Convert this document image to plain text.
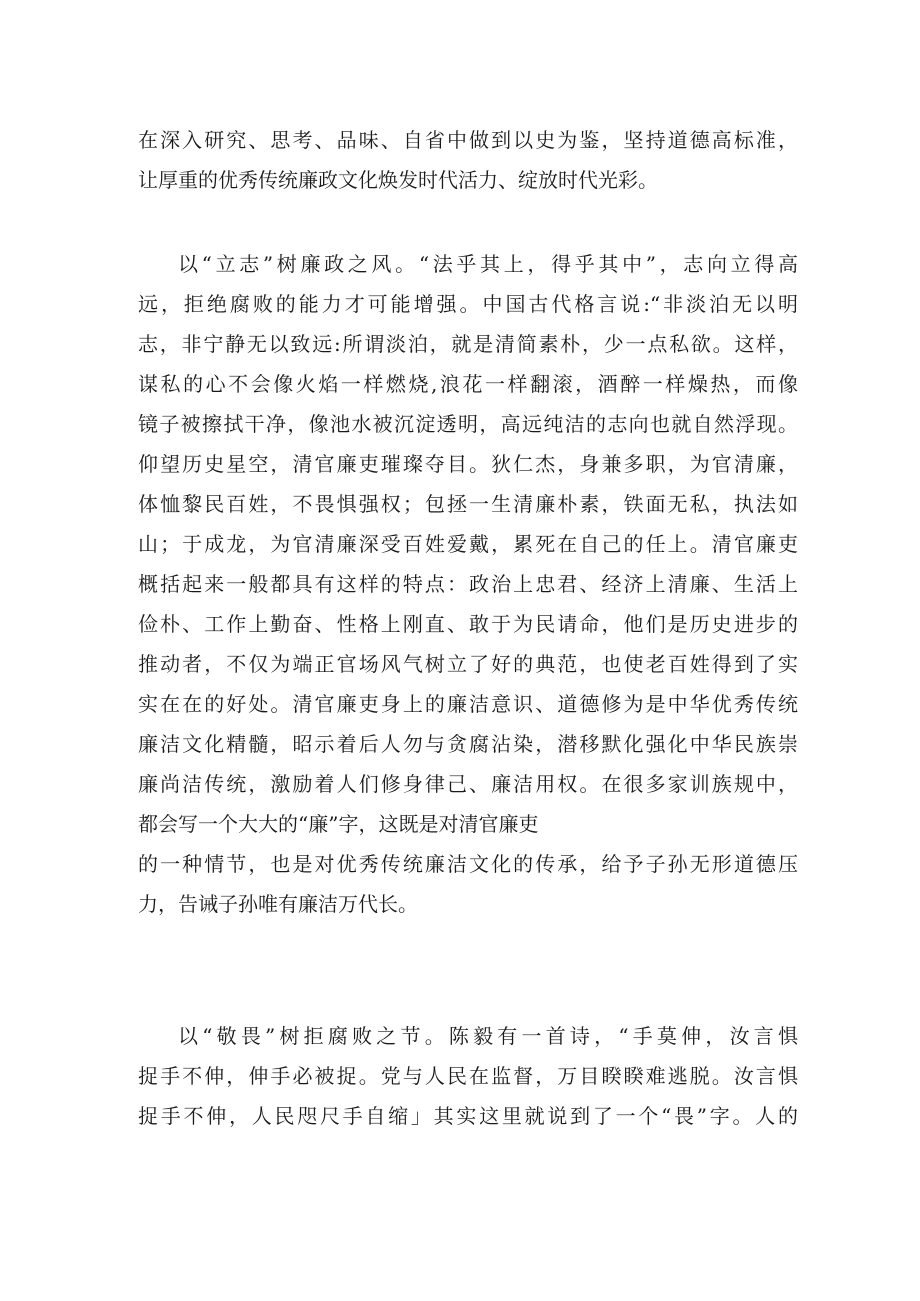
在深入研究、思考、品味、自省中做到以史为鉴，坚持道德高标准，
让厚重的优秀传统廉政文化焕发时代活力、绽放时代光彩。
以“立志”树廉政之风。“法乎其上，得乎其中”，志向立得高
远，拒绝腐败的能力才可能增强。中国古代格言说:“非淡泊无以明
志，非宁静无以致远:所谓淡泊，就是清简素朴，少一点私欲。这样，
谋私的心不会像火焰一样燃烧,浪花一样翻滚，酒醉一样燥热，而像
镜子被擦拭干净，像池水被沉淀透明，高远纯洁的志向也就自然浮现。
仰望历史星空，清官廉吏璀璨夺目。狄仁杰，身兼多职，为官清廉，
体恤黎民百姓，不畏惧强权；包拯一生清廉朴素，铁面无私，执法如
山；于成龙，为官清廉深受百姓爱戴，累死在自己的任上。清官廉吏
概括起来一般都具有这样的特点：政治上忠君、经济上清廉、生活上
俭朴、工作上勤奋、性格上刚直、敢于为民请命，他们是历史进步的
推动者，不仅为端正官场风气树立了好的典范，也使老百姓得到了实
实在在的好处。清官廉吏身上的廉洁意识、道德修为是中华优秀传统
廉洁文化精髓，昭示着后人勿与贪腐沾染，潜移默化强化中华民族崇
廉尚洁传统，激励着人们修身律己、廉洁用权。在很多家训族规中，
都会写一个大大的“廉”字，这既是对清官廉吏
的一种情节，也是对优秀传统廉洁文化的传承，给予子孙无形道德压
力，告诫子孙唯有廉洁万代长。
以“敬畏”树拒腐败之节。陈毅有一首诗，“手莫伸，汝言惧
捉手不伸，伸手必被捉。党与人民在监督，万目睽睽难逃脱。汝言惧
捉手不伸，人民咫尺手自缩」其实这里就说到了一个“畏”字。人的
